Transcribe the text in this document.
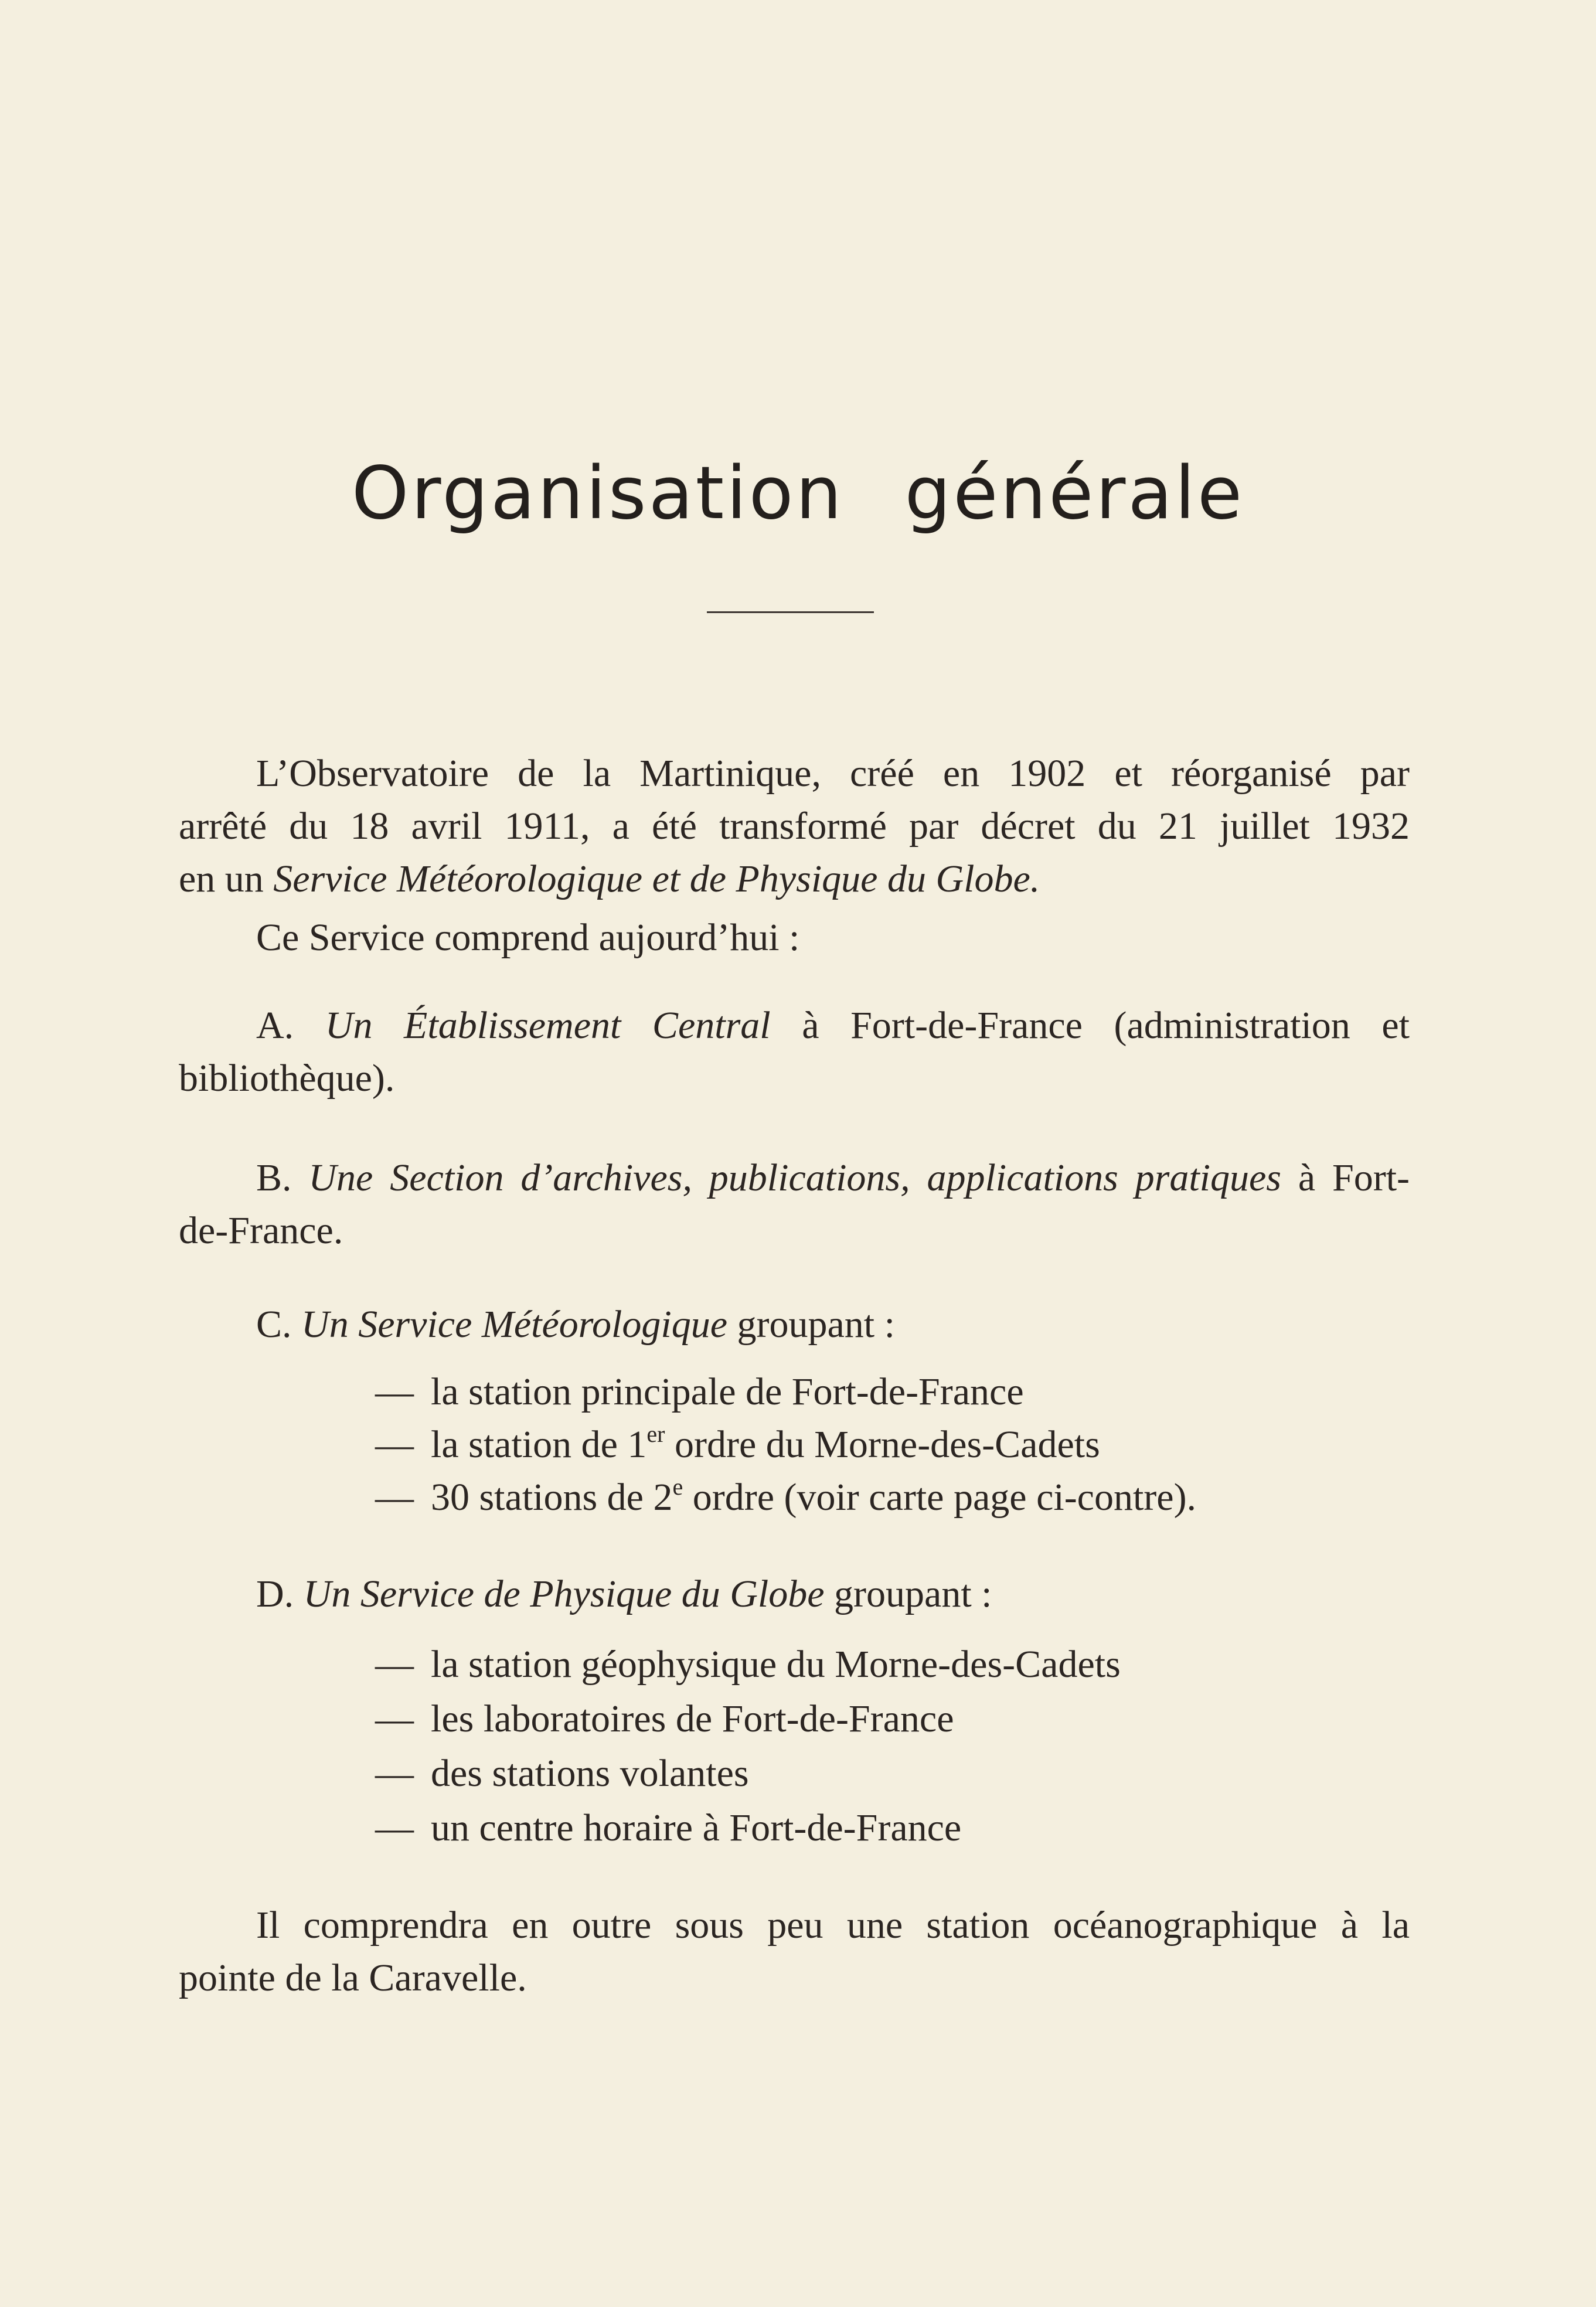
Organisation générale

L’Observatoire de la Martinique, créé en 1902 et réorganisé par
arrêté du 18 avril 1911, a été transformé par décret du 21 juillet 1932
en un Service Météorologique et de Physique du Globe.

Ce Service comprend aujourd’hui :

A. Un Établissement Central à Fort-de-France (administration et
bibliothèque).

B. Une Section d’archives, publications, applications pratiques à Fort-
de-France.

C. Un Service Météorologique groupant :

— la station principale de Fort-de-France
— la station de 1er ordre du Morne-des-Cadets
— 30 stations de 2e ordre (voir carte page ci-contre).

D. Un Service de Physique du Globe groupant :

— la station géophysique du Morne-des-Cadets
— les laboratoires de Fort-de-France
— des stations volantes
— un centre horaire à Fort-de-France

Il comprendra en outre sous peu une station océanographique à la
pointe de la Caravelle.
